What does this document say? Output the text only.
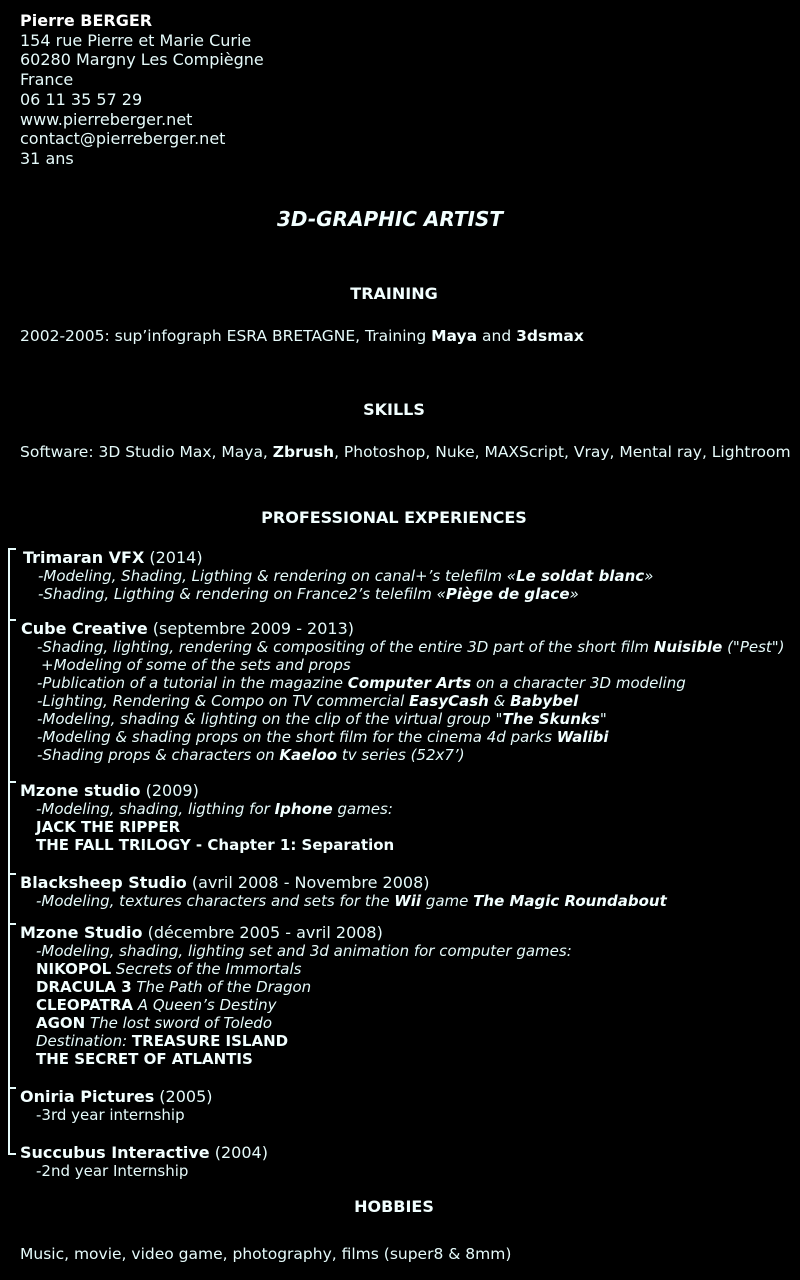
Pierre BERGER
154 rue Pierre et Marie Curie
60280 Margny Les Compiègne
France
06 11 35 57 29
www.pierreberger.net
contact@pierreberger.net
31 ans
3D-GRAPHIC ARTIST
TRAINING
2002-2005: sup’infograph ESRA BRETAGNE, Training Maya and 3dsmax
SKILLS
Software: 3D Studio Max, Maya, Zbrush, Photoshop, Nuke, MAXScript, Vray, Mental ray, Lightroom
PROFESSIONAL EXPERIENCES
Trimaran VFX (2014)
-Modeling, Shading, Ligthing & rendering on canal+’s telefilm «Le soldat blanc»
-Shading, Ligthing & rendering on France2’s telefilm «Piège de glace»
Cube Creative (septembre 2009 - 2013)
-Shading, lighting, rendering & compositing of the entire 3D part of the short film Nuisible ("Pest")
+Modeling of some of the sets and props
-Publication of a tutorial in the magazine Computer Arts on a character 3D modeling
-Lighting, Rendering & Compo on TV commercial EasyCash & Babybel
-Modeling, shading & lighting on the clip of the virtual group "The Skunks"
-Modeling & shading props on the short film for the cinema 4d parks Walibi
-Shading props & characters on Kaeloo tv series (52x7’)
Mzone studio (2009)
-Modeling, shading, ligthing for Iphone games:
JACK THE RIPPER
THE FALL TRILOGY - Chapter 1: Separation
Blacksheep Studio (avril 2008 - Novembre 2008)
-Modeling, textures characters and sets for the Wii game The Magic Roundabout
Mzone Studio (décembre 2005 - avril 2008)
-Modeling, shading, lighting set and 3d animation for computer games:
NIKOPOL Secrets of the Immortals
DRACULA 3 The Path of the Dragon
CLEOPATRA A Queen’s Destiny
AGON The lost sword of Toledo
Destination: TREASURE ISLAND
THE SECRET OF ATLANTIS
Oniria Pictures (2005)
-3rd year internship
Succubus Interactive (2004)
-2nd year Internship
HOBBIES
Music, movie, video game, photography, films (super8 & 8mm)
